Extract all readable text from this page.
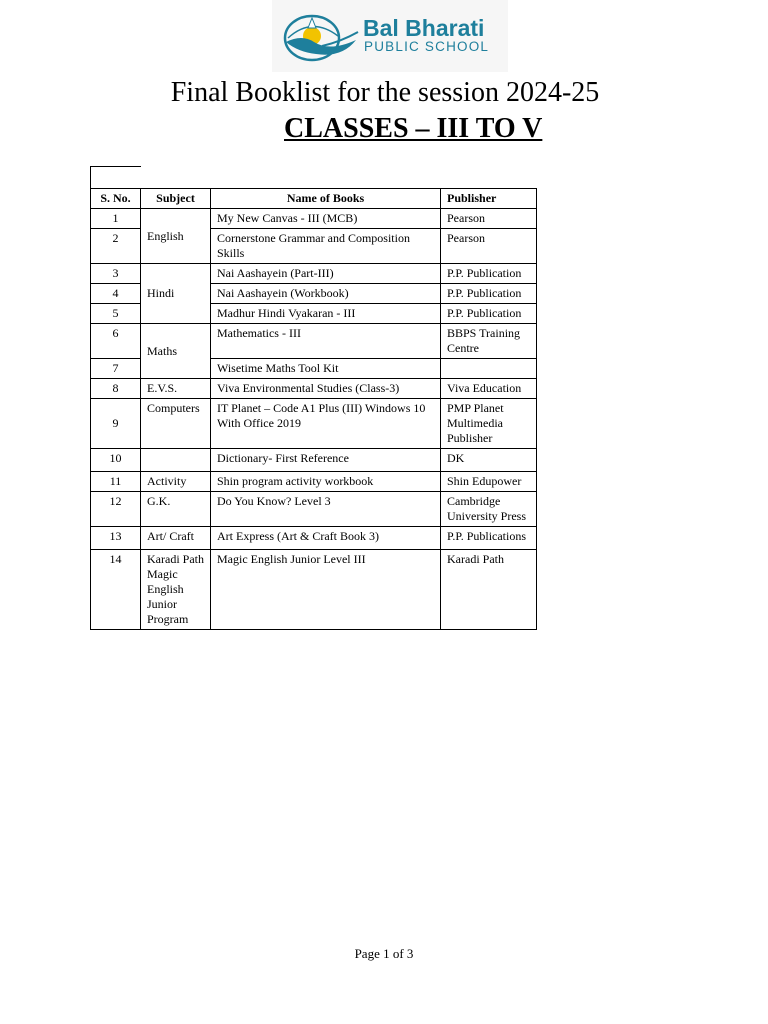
Bal Bharati
PUBLIC SCHOOL
Final Booklist for the session 2024-25
CLASSES – III TO V
S. No.	Subject	Name of Books	Publisher
1	English	My New Canvas - III (MCB)	Pearson
2		Cornerstone Grammar and Composition Skills	Pearson
3	Hindi	Nai Aashayein (Part-III)	P.P. Publication
4		Nai Aashayein (Workbook)	P.P. Publication
5		Madhur Hindi Vyakaran - III	P.P. Publication
6	Maths	Mathematics - III	BBPS Training Centre
7		Wisetime Maths Tool Kit	
8	E.V.S.	Viva Environmental Studies (Class-3)	Viva Education
9	Computers	IT Planet – Code A1 Plus (III) Windows 10 With Office 2019	PMP Planet Multimedia Publisher
10		Dictionary- First Reference	DK
11	Activity	Shin program activity workbook	Shin Edupower
12	G.K.	Do You Know? Level 3	Cambridge University Press
13	Art/ Craft	Art Express (Art & Craft Book 3)	P.P. Publications
14	Karadi Path Magic English Junior Program	Magic English Junior Level III	Karadi Path
Page 1 of 3
